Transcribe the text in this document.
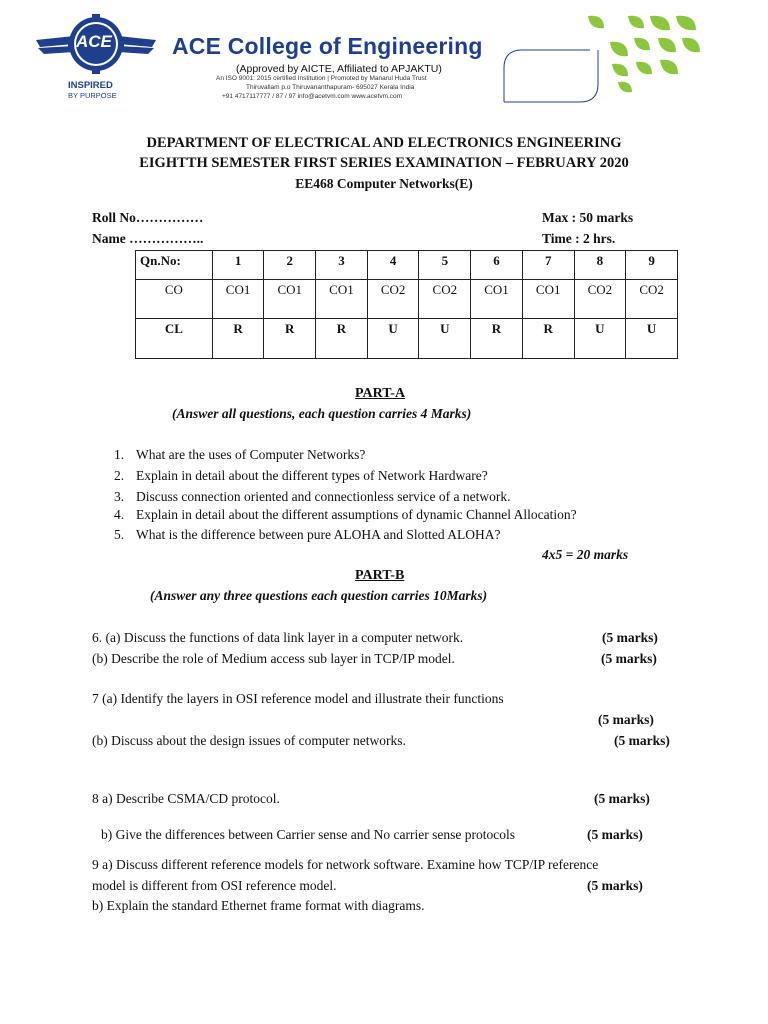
ACE
INSPIRED
BY PURPOSE
ACE College of Engineering
(Approved by AICTE, Affiliated to APJAKTU)
An ISO 9001: 2015 certified Institution | Promoted by Manarul Huda Trust
Thiruvallam p.o Thiruvananthapuram- 695027 Kerala India
+91 4717117777 / 87 / 97 info@acetvm.com www.acetvm.com
DEPARTMENT OF ELECTRICAL AND ELECTRONICS ENGINEERING
EIGHTTH SEMESTER FIRST SERIES EXAMINATION – FEBRUARY 2020
EE468 Computer Networks(E)
Roll No……………
Name ……………..
Max : 50 marks
Time : 2 hrs.
Qn.No:	1	2	3	4	5	6	7	8	9
CO	CO1	CO1	CO1	CO2	CO2	CO1	CO1	CO2	CO2
CL	R	R	R	U	U	R	R	U	U
PART-A
(Answer all questions, each question carries 4 Marks)
1. What are the uses of Computer Networks?
2. Explain in detail about the different types of Network Hardware?
3. Discuss connection oriented and connectionless service of a network.
4. Explain in detail about the different assumptions of dynamic Channel Allocation?
5. What is the difference between pure ALOHA and Slotted ALOHA?
4x5 = 20 marks
PART-B
(Answer any three questions each question carries 10Marks)
6. (a) Discuss the functions of data link layer in a computer network.	(5 marks)
(b) Describe the role of Medium access sub layer in TCP/IP model.	(5 marks)
7 (a) Identify the layers in OSI reference model and illustrate their functions
(5 marks)
(b) Discuss about the design issues of computer networks.	(5 marks)
8 a) Describe CSMA/CD protocol.	(5 marks)
b) Give the differences between Carrier sense and No carrier sense protocols	(5 marks)
9 a) Discuss different reference models for network software. Examine how TCP/IP reference
model is different from OSI reference model.	(5 marks)
b) Explain the standard Ethernet frame format with diagrams.
